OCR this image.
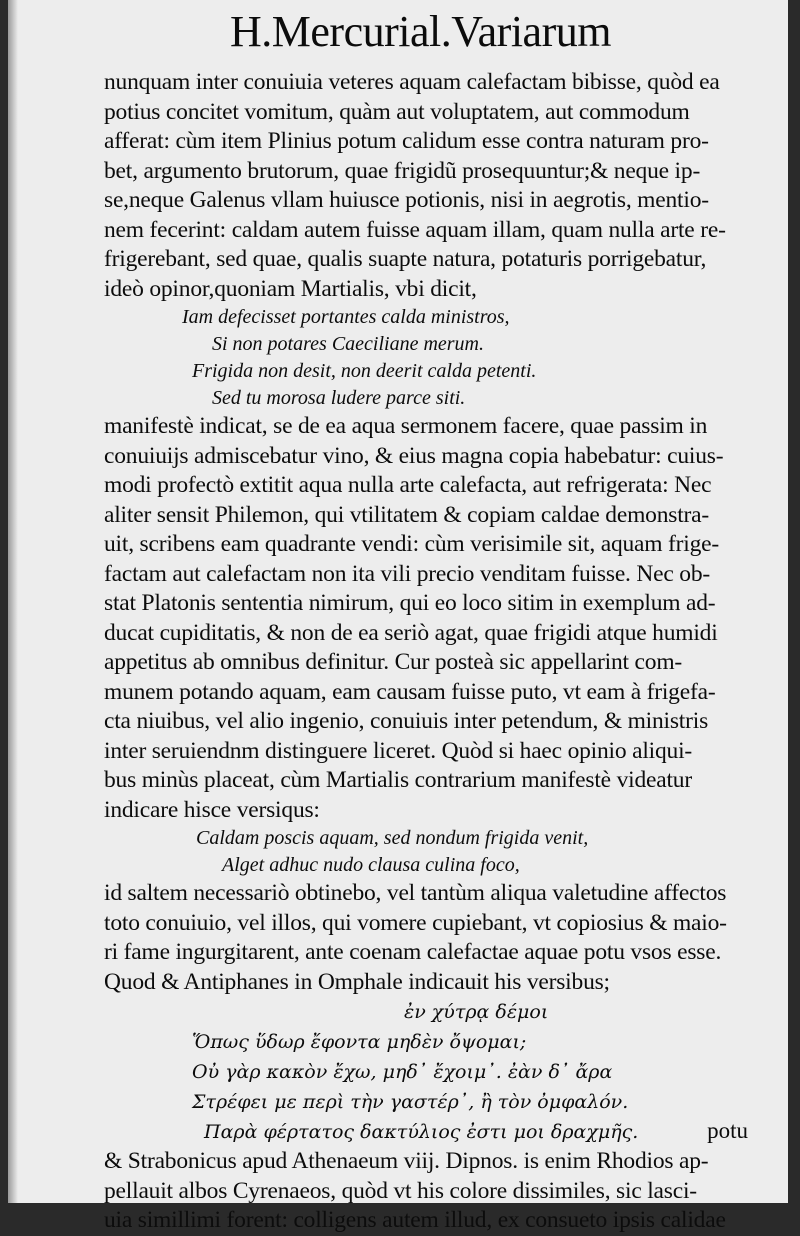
H.Mercurial.Variarum
nunquam inter conuiuia veteres aquam calefactam bibisse, quòd ea
potius concitet vomitum, quàm aut voluptatem, aut commodum
afferat: cùm item Plinius potum calidum esse contra naturam pro-
bet, argumento brutorum, quae frigidũ prosequuntur;& neque ip-
se,neque Galenus vllam huiusce potionis, nisi in aegrotis, mentio-
nem fecerint: caldam autem fuisse aquam illam, quam nulla arte re-
frigerebant, sed quae, qualis suapte natura, potaturis porrigebatur,
ideò opinor,quoniam Martialis, vbi dicit,
Iam defecisset portantes calda ministros,
Si non potares Caeciliane merum.
Frigida non desit, non deerit calda petenti.
Sed tu morosa ludere parce siti.
manifestè indicat, se de ea aqua sermonem facere, quae passim in
conuiuijs admiscebatur vino, & eius magna copia habebatur: cuius-
modi profectò extitit aqua nulla arte calefacta, aut refrigerata: Nec
aliter sensit Philemon, qui vtilitatem & copiam caldae demonstra-
uit, scribens eam quadrante vendi: cùm verisimile sit, aquam frige-
factam aut calefactam non ita vili precio venditam fuisse. Nec ob-
stat Platonis sententia nimirum, qui eo loco sitim in exemplum ad-
ducat cupiditatis, & non de ea seriò agat, quae frigidi atque humidi
appetitus ab omnibus definitur. Cur posteà sic appellarint com-
munem potando aquam, eam causam fuisse puto, vt eam à frigefa-
cta niuibus, vel alio ingenio, conuiuis inter petendum, & ministris
inter seruiendnm distinguere liceret. Quòd si haec opinio aliqui-
bus minùs placeat, cùm Martialis contrarium manifestè videatur
indicare hisce versiqus:
Caldam poscis aquam, sed nondum frigida venit,
Alget adhuc nudo clausa culina foco,
id saltem necessariò obtinebo, vel tantùm aliqua valetudine affectos
toto conuiuio, vel illos, qui vomere cupiebant, vt copiosius & maio-
ri fame ingurgitarent, ante coenam calefactae aquae potu vsos esse.
Quod & Antiphanes in Omphale indicauit his versibus;
ἐν χύτρᾳ δέμοι
Ὅπως ὕδωρ ἔφοντα μηδὲν ὄψομαι;
Οὐ γὰρ κακὸν ἔχω, μηδ᾽ ἔχοιμ᾽. ἐὰν δ᾽ ἄρα
Στρέφει με περὶ τὴν γαστέρ᾽, ἢ τὸν ὀμφαλόν.
Παρὰ φέρτατος δακτύλιος ἐστι μοι δραχμῆς.
& Strabonicus apud Athenaeum viij. Dipnos. is enim Rhodios ap-
pellauit albos Cyrenaeos, quòd vt his colore dissimiles, sic lasci-
uia simillimi forent: colligens autem illud, ex consueto ipsis calidae
potu
